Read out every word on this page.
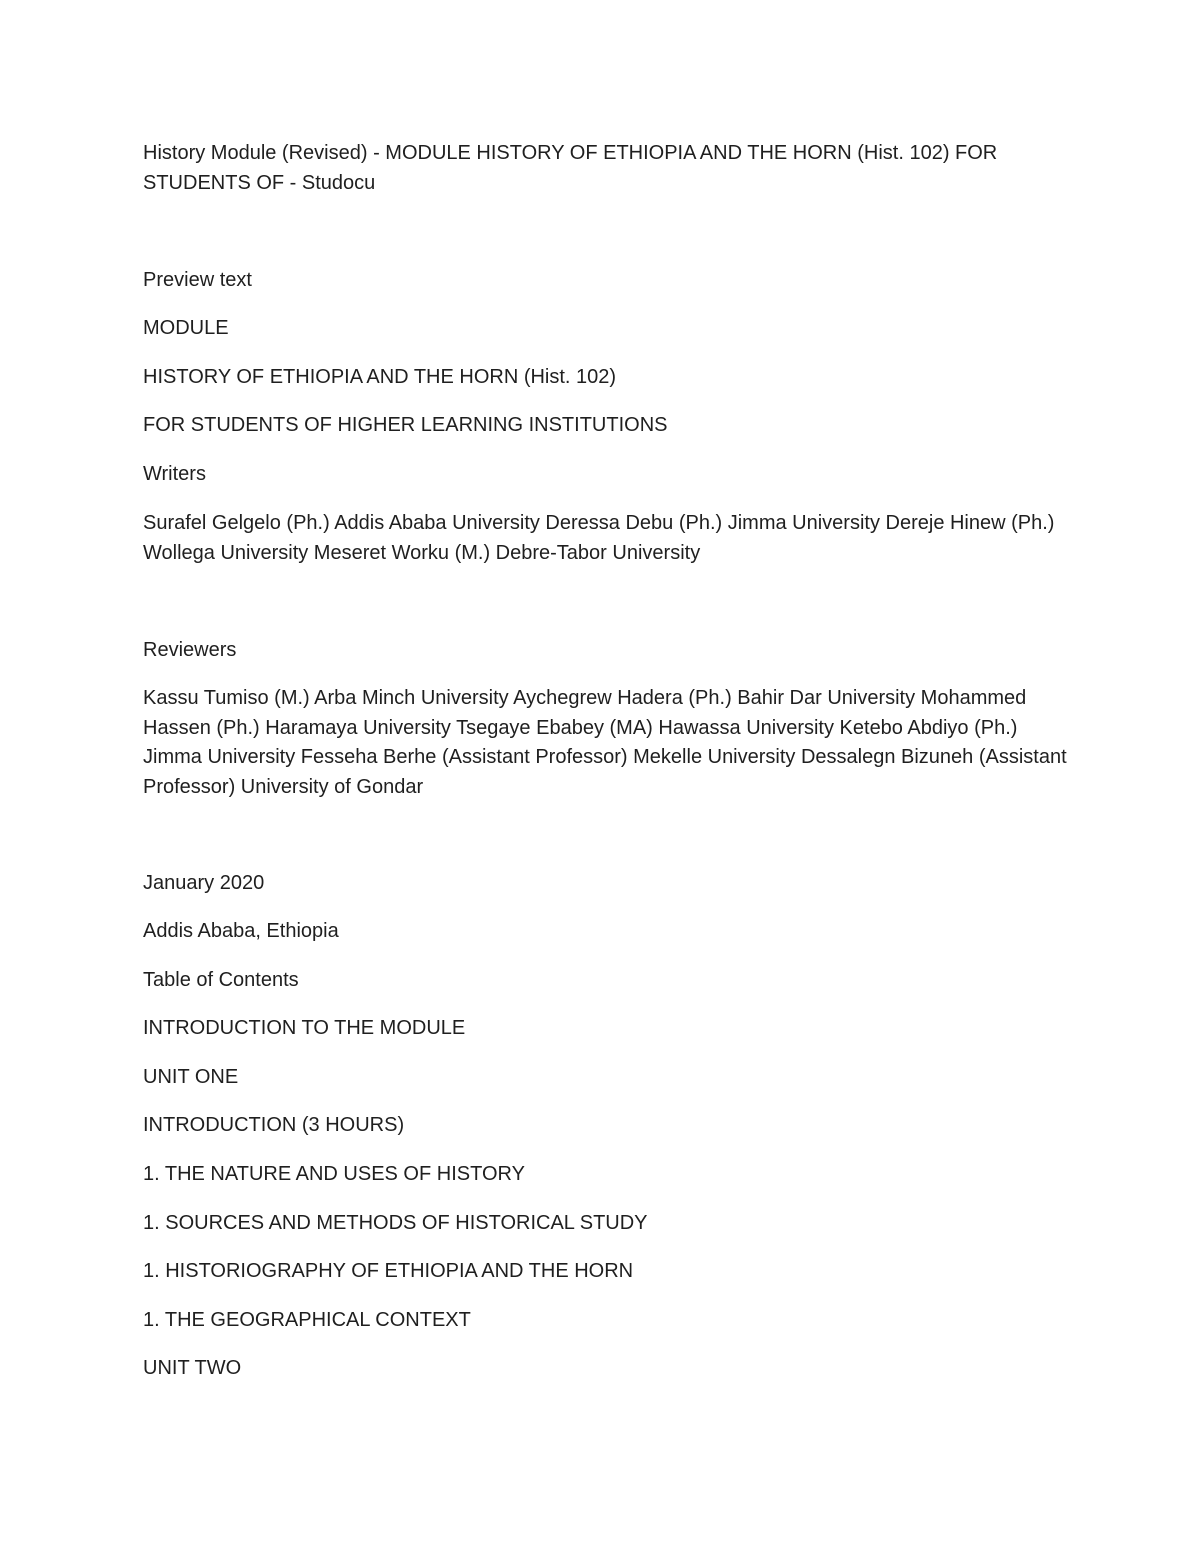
History Module (Revised) - MODULE HISTORY OF ETHIOPIA AND THE HORN (Hist. 102) FOR STUDENTS OF - Studocu

Preview text

MODULE

HISTORY OF ETHIOPIA AND THE HORN (Hist. 102)

FOR STUDENTS OF HIGHER LEARNING INSTITUTIONS

Writers

Surafel Gelgelo (Ph.) Addis Ababa University Deressa Debu (Ph.) Jimma University Dereje Hinew (Ph.) Wollega University Meseret Worku (M.) Debre-Tabor University

Reviewers

Kassu Tumiso (M.) Arba Minch University Aychegrew Hadera (Ph.) Bahir Dar University Mohammed Hassen (Ph.) Haramaya University Tsegaye Ebabey (MA) Hawassa University Ketebo Abdiyo (Ph.) Jimma University Fesseha Berhe (Assistant Professor) Mekelle University Dessalegn Bizuneh (Assistant Professor) University of Gondar

January 2020

Addis Ababa, Ethiopia

Table of Contents

INTRODUCTION TO THE MODULE

UNIT ONE

INTRODUCTION (3 HOURS)

1. THE NATURE AND USES OF HISTORY

1. SOURCES AND METHODS OF HISTORICAL STUDY

1. HISTORIOGRAPHY OF ETHIOPIA AND THE HORN

1. THE GEOGRAPHICAL CONTEXT

UNIT TWO
